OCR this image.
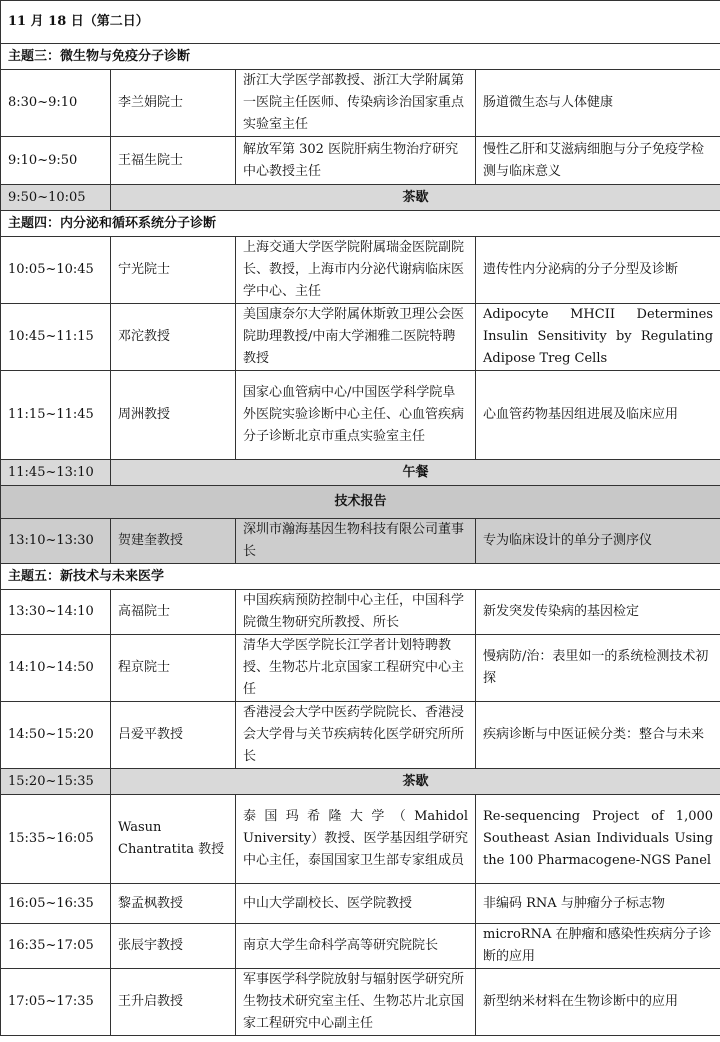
11 月 18 日（第二日）			
主题三：微生物与免疫分子诊断			
8:30~9:10	李兰娟院士	浙江大学医学部教授、浙江大学附属第一医院主任医师、传染病诊治国家重点实验室主任	肠道微生态与人体健康
9:10~9:50	王福生院士	解放军第 302 医院肝病生物治疗研究中心教授主任	慢性乙肝和艾滋病细胞与分子免疫学检测与临床意义
9:50~10:05	茶歇		
主题四：内分泌和循环系统分子诊断			
10:05~10:45	宁光院士	上海交通大学医学院附属瑞金医院副院长、教授，上海市内分泌代谢病临床医学中心、主任	遗传性内分泌病的分子分型及诊断
10:45~11:15	邓沱教授	美国康奈尔大学附属休斯敦卫理公会医院助理教授/中南大学湘雅二医院特聘教授	Adipocyte MHCII Determines Insulin Sensitivity by Regulating Adipose Treg Cells
11:15~11:45	周洲教授	国家心血管病中心/中国医学科学院阜外医院实验诊断中心主任、心血管疾病分子诊断北京市重点实验室主任	心血管药物基因组进展及临床应用
11:45~13:10	午餐		
技术报告			
13:10~13:30	贺建奎教授	深圳市瀚海基因生物科技有限公司董事长	专为临床设计的单分子测序仪
主题五：新技术与未来医学			
13:30~14:10	高福院士	中国疾病预防控制中心主任，中国科学院微生物研究所教授、所长	新发突发传染病的基因检定
14:10~14:50	程京院士	清华大学医学院长江学者计划特聘教授、生物芯片北京国家工程研究中心主任	慢病防/治：表里如一的系统检测技术初探
14:50~15:20	吕爱平教授	香港浸会大学中医药学院院长、香港浸会大学骨与关节疾病转化医学研究所所长	疾病诊断与中医证候分类：整合与未来
15:20~15:35	茶歇		
15:35~16:05	Wasun Chantratita 教授	泰国玛希隆大学（Mahidol University）教授、医学基因组学研究中心主任，泰国国家卫生部专家组成员	Re-sequencing Project of 1,000 Southeast Asian Individuals Using the 100 Pharmacogene-NGS Panel
16:05~16:35	黎孟枫教授	中山大学副校长、医学院教授	非编码 RNA 与肿瘤分子标志物
16:35~17:05	张辰宇教授	南京大学生命科学高等研究院院长	microRNA 在肿瘤和感染性疾病分子诊断的应用
17:05~17:35	王升启教授	军事医学科学院放射与辐射医学研究所生物技术研究室主任、生物芯片北京国家工程研究中心副主任	新型纳米材料在生物诊断中的应用
